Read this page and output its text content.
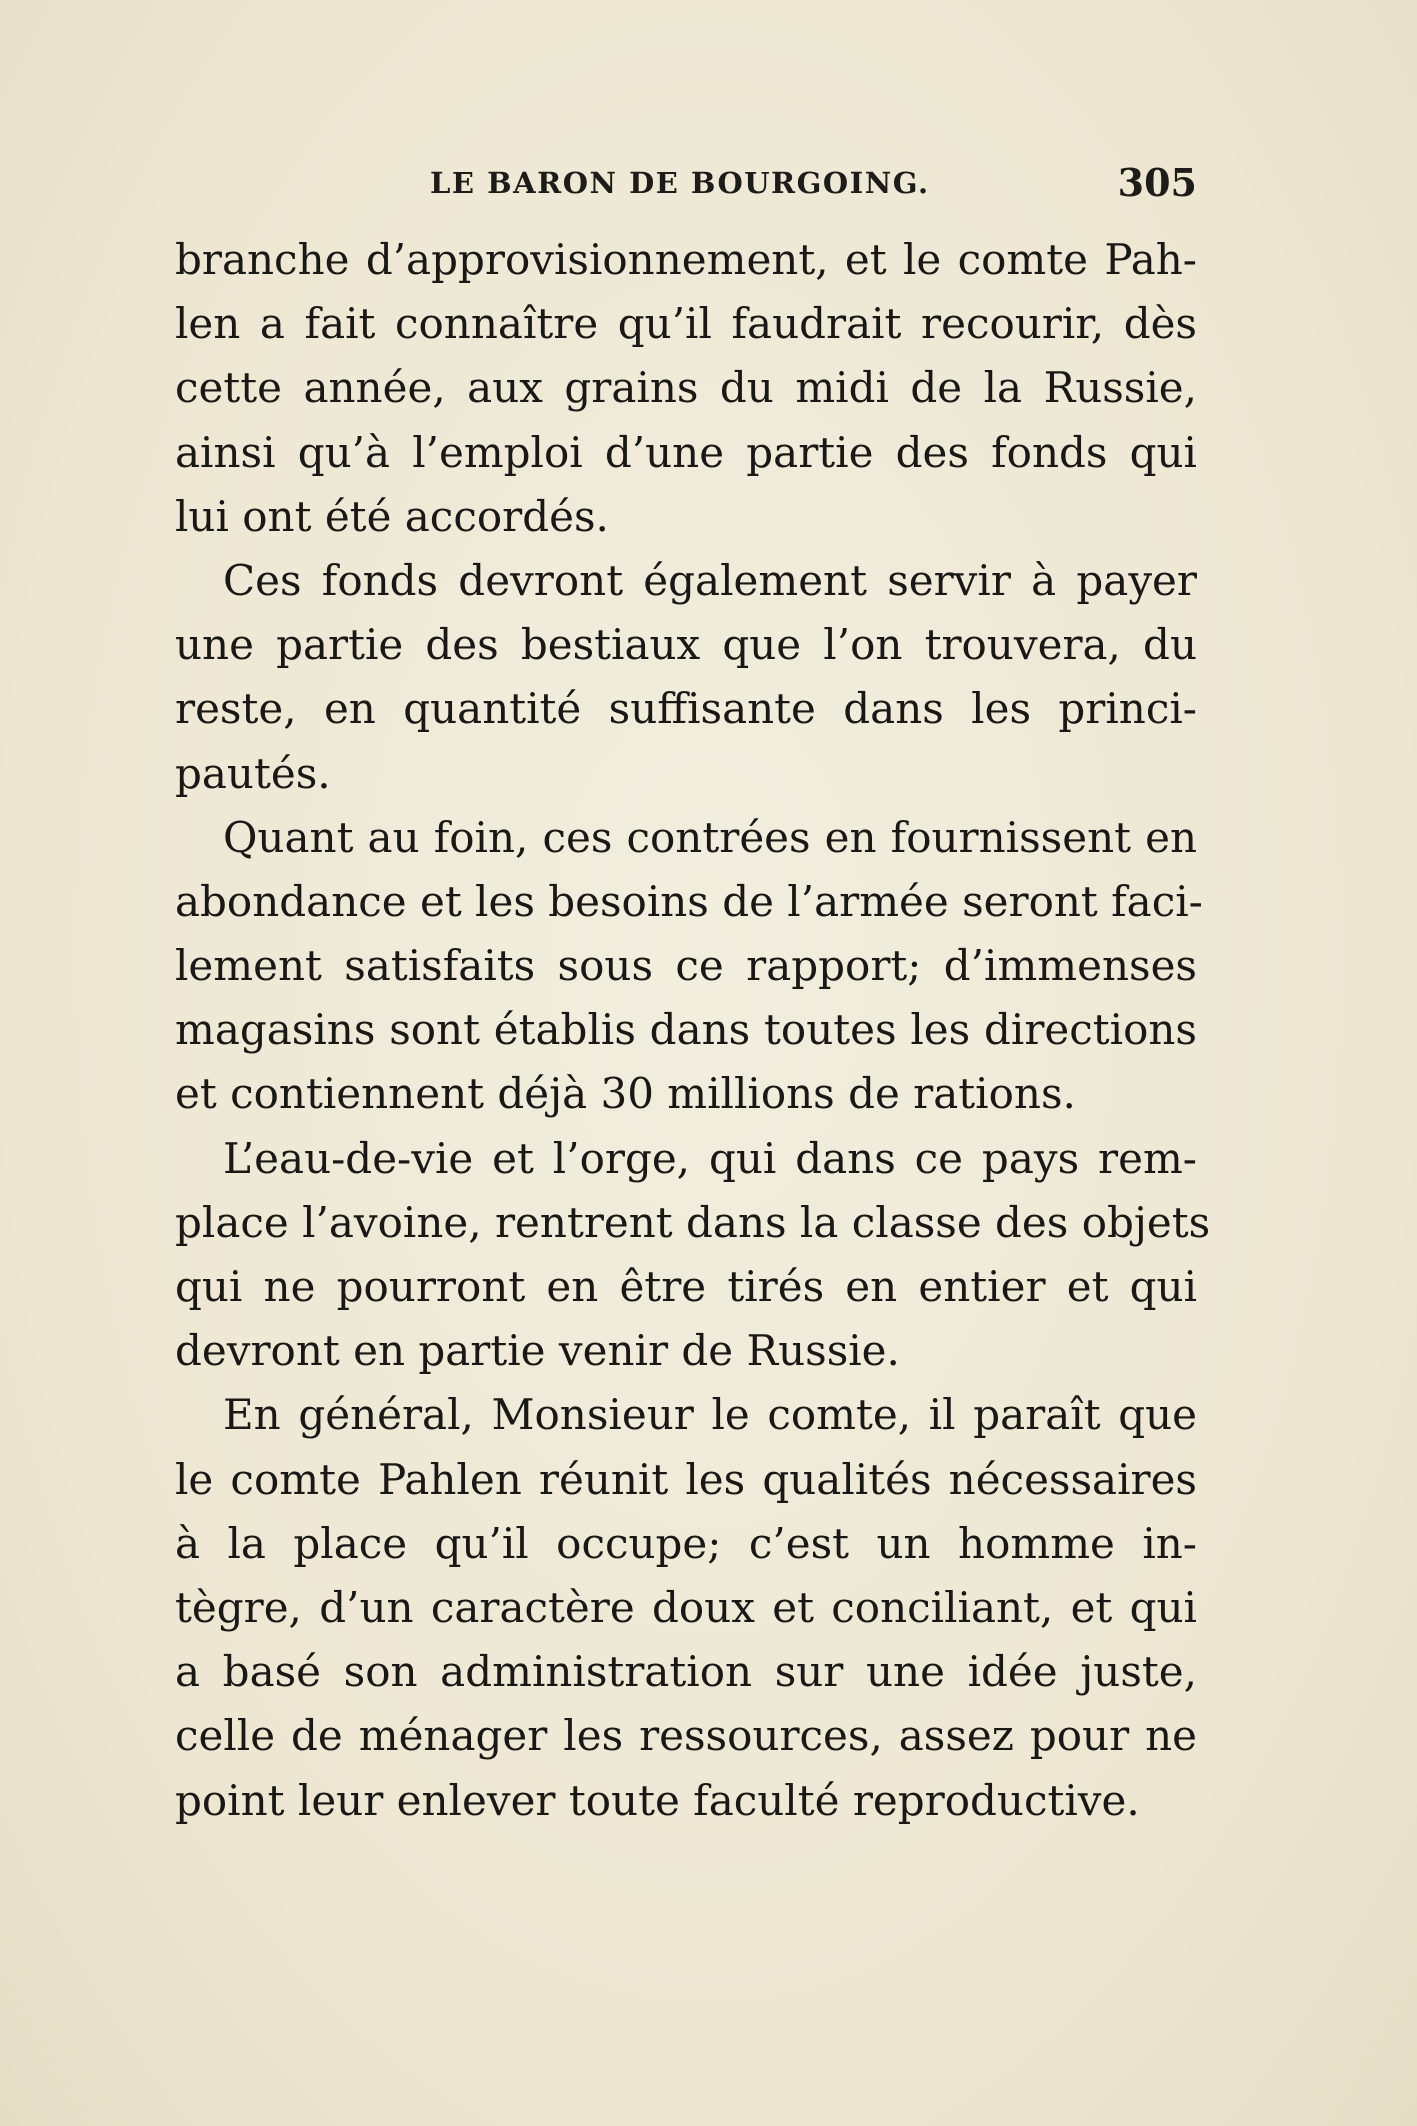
LE BARON DE BOURGOING.	305
branche d’approvisionnement, et le comte Pah-
len a fait connaître qu’il faudrait recourir, dès
cette année, aux grains du midi de la Russie,
ainsi qu’à l’emploi d’une partie des fonds qui
lui ont été accordés.
Ces fonds devront également servir à payer
une partie des bestiaux que l’on trouvera, du
reste, en quantité suffisante dans les princi-
pautés.
Quant au foin, ces contrées en fournissent en
abondance et les besoins de l’armée seront faci-
lement satisfaits sous ce rapport; d’immenses
magasins sont établis dans toutes les directions
et contiennent déjà 30 millions de rations.
L’eau-de-vie et l’orge, qui dans ce pays rem-
place l’avoine, rentrent dans la classe des objets
qui ne pourront en être tirés en entier et qui
devront en partie venir de Russie.
En général, Monsieur le comte, il paraît que
le comte Pahlen réunit les qualités nécessaires
à la place qu’il occupe; c’est un homme in-
tègre, d’un caractère doux et conciliant, et qui
a basé son administration sur une idée juste,
celle de ménager les ressources, assez pour ne
point leur enlever toute faculté reproductive.
